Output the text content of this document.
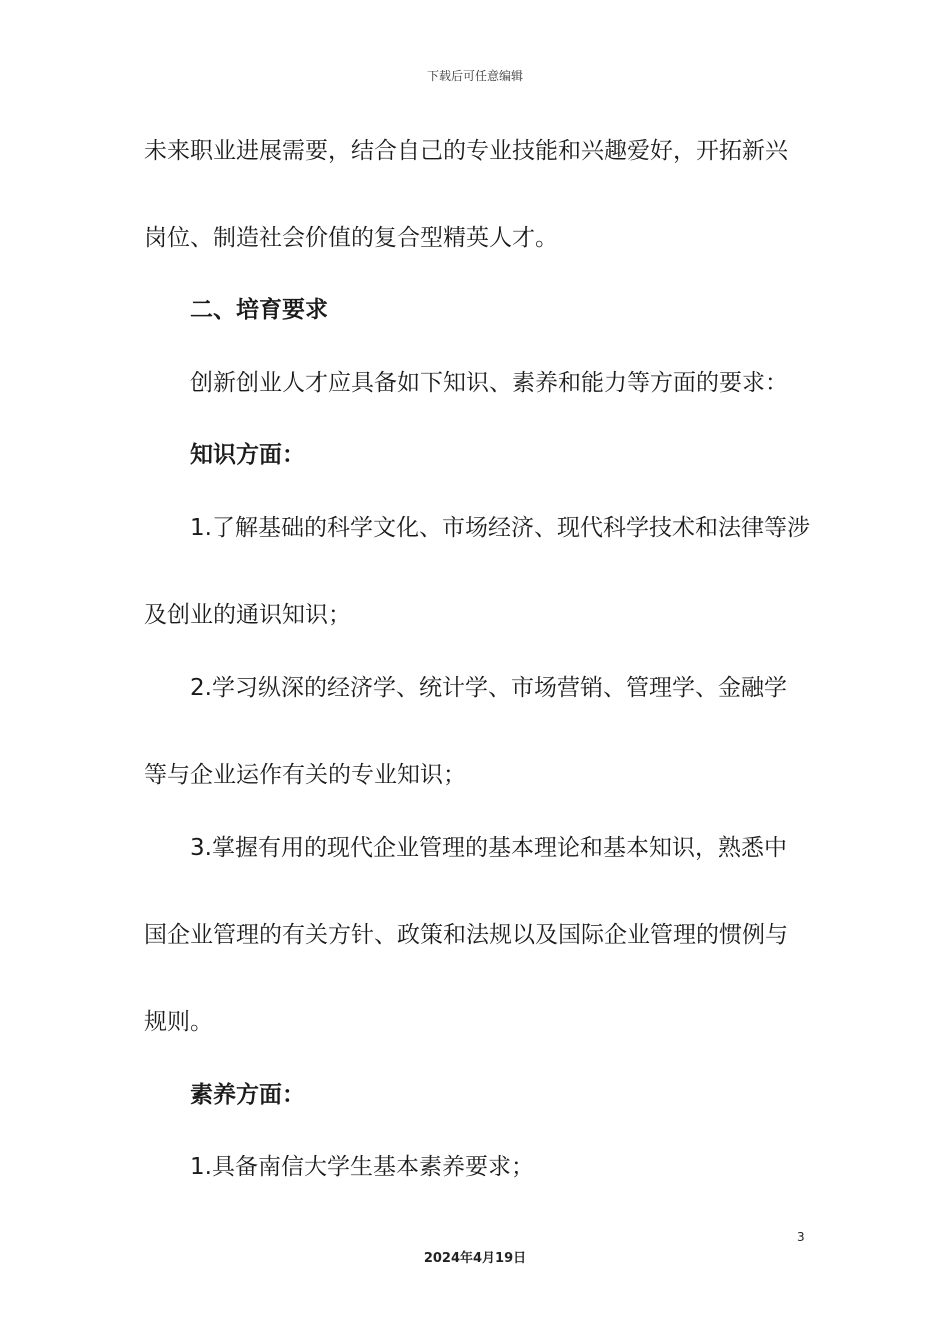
下载后可任意编辑
未来职业进展需要，结合自己的专业技能和兴趣爱好，开拓新兴
岗位、制造社会价值的复合型精英人才。
二、培育要求
创新创业人才应具备如下知识、素养和能力等方面的要求：
知识方面：
1.了解基础的科学文化、市场经济、现代科学技术和法律等涉
及创业的通识知识；
2.学习纵深的经济学、统计学、市场营销、管理学、金融学
等与企业运作有关的专业知识；
3.掌握有用的现代企业管理的基本理论和基本知识，熟悉中
国企业管理的有关方针、政策和法规以及国际企业管理的惯例与
规则。
素养方面：
1.具备南信大学生基本素养要求；
3
2024年4月19日
